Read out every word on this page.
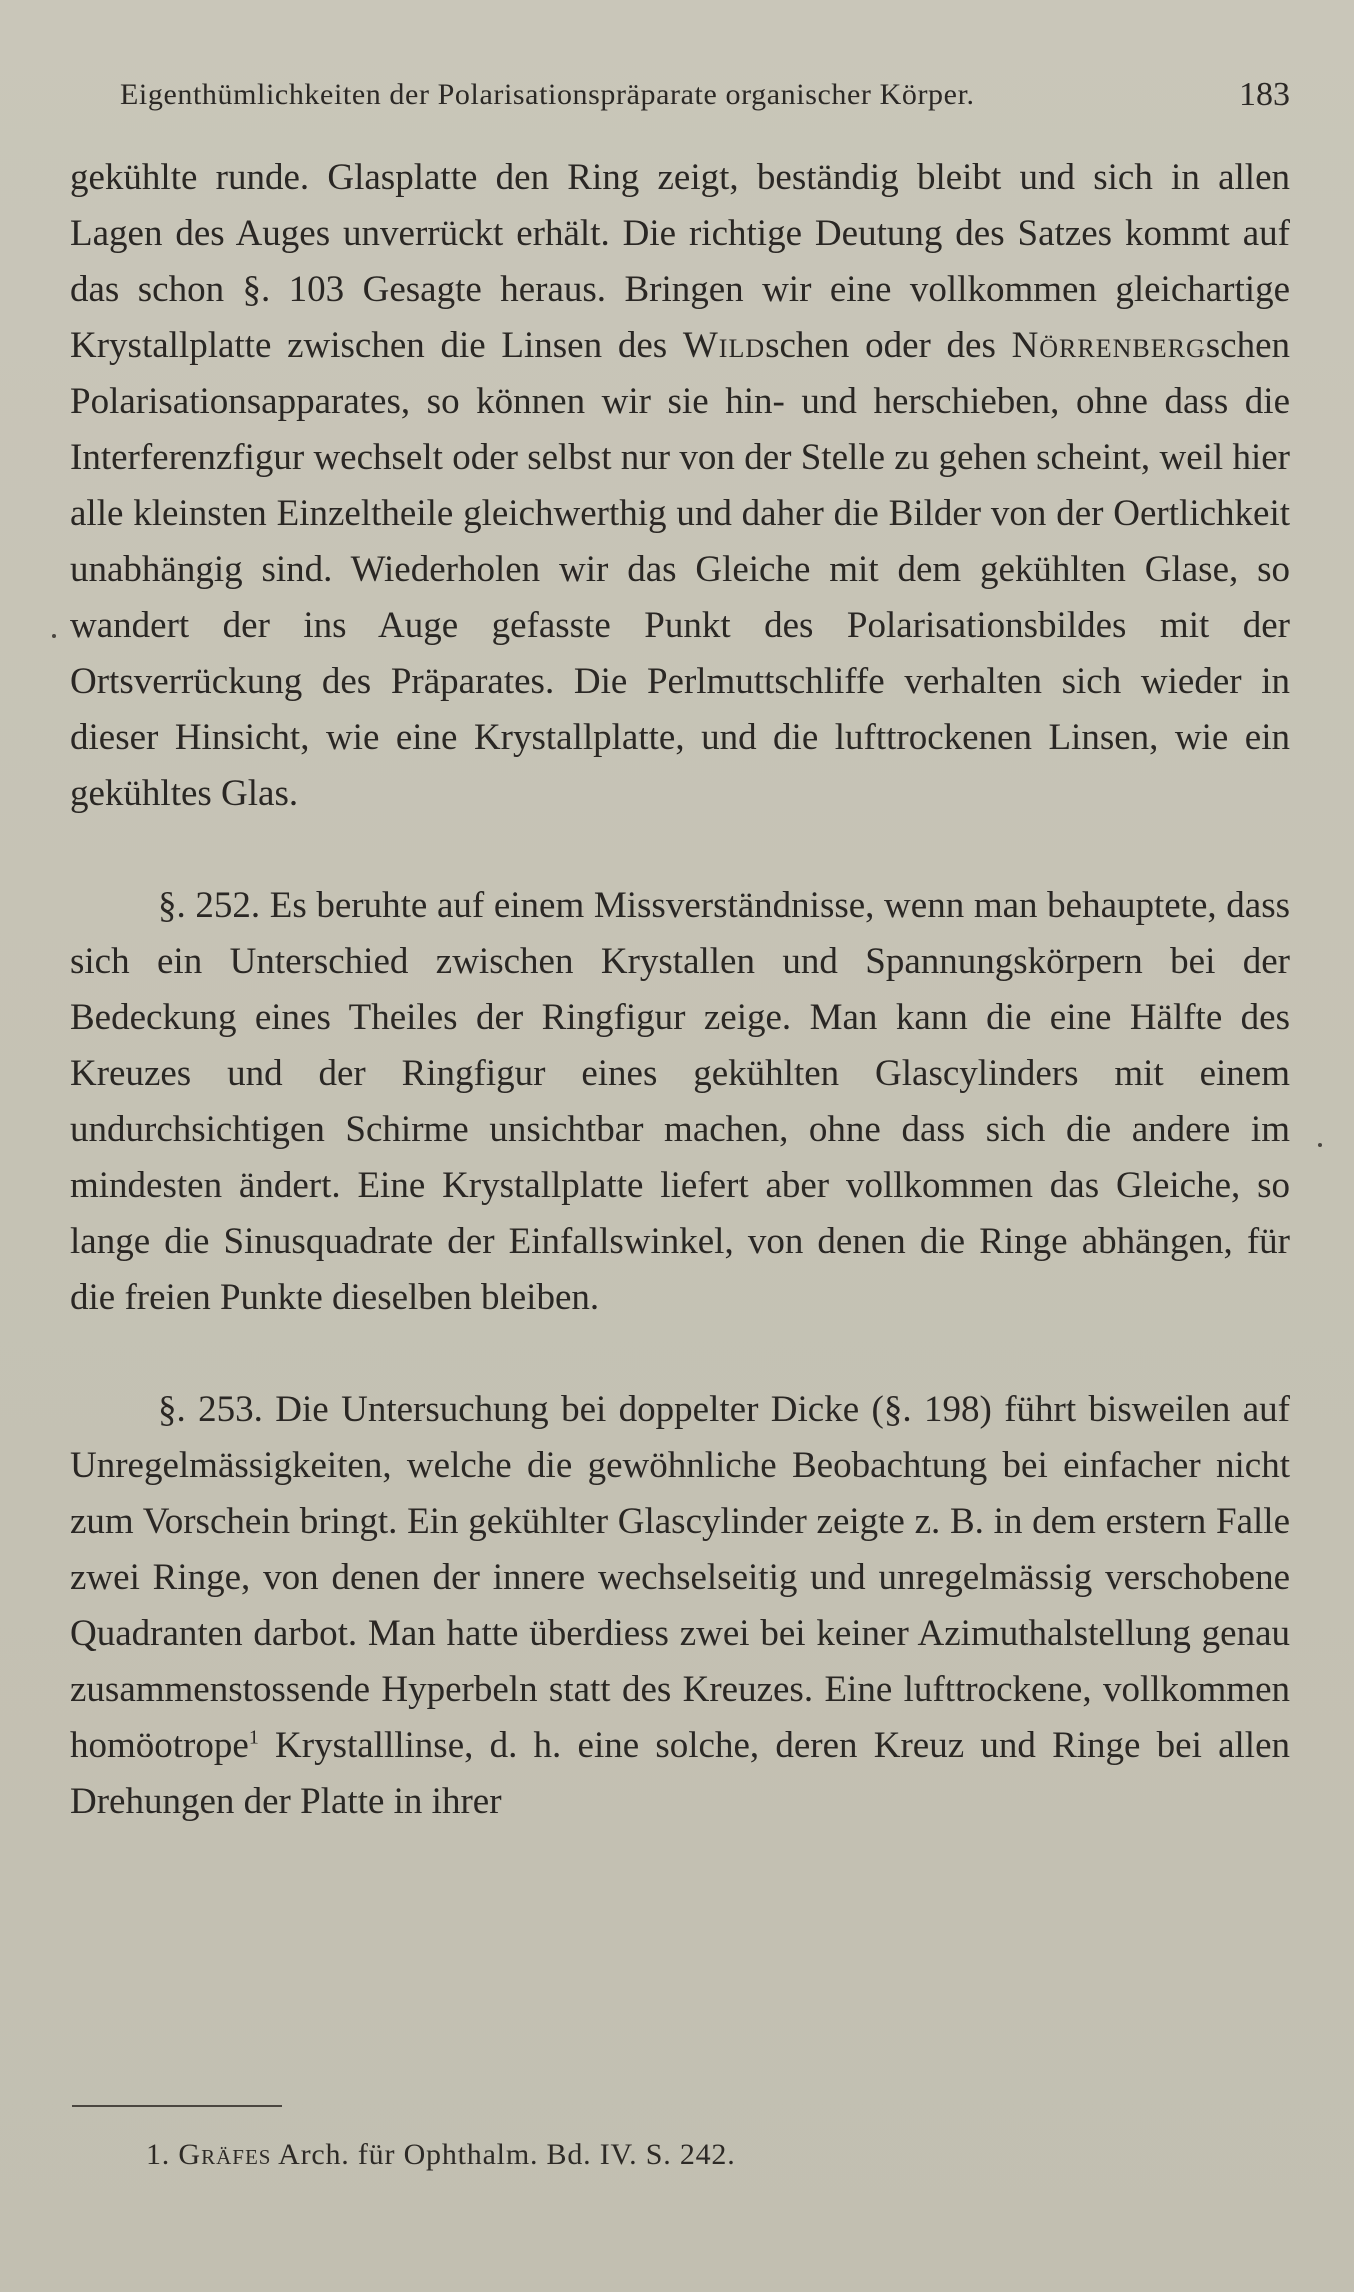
Eigenthümlichkeiten der Polarisationspräparate organischer Körper.	183

gekühlte runde. Glasplatte den Ring zeigt, beständig bleibt und sich in allen Lagen des Auges unverrückt erhält. Die richtige Deutung des Satzes kommt auf das schon §. 103 Gesagte heraus. Bringen wir eine vollkommen gleichartige Krystallplatte zwischen die Linsen des Wildschen oder des Nörrenbergschen Polarisationsapparates, so können wir sie hin- und herschieben, ohne dass die Interferenzfigur wechselt oder selbst nur von der Stelle zu gehen scheint, weil hier alle kleinsten Einzeltheile gleichwerthig und daher die Bilder von der Oertlichkeit unabhängig sind. Wiederholen wir das Gleiche mit dem gekühlten Glase, so wandert der ins Auge gefasste Punkt des Polarisationsbildes mit der Ortsverrückung des Präparates. Die Perlmuttschliffe verhalten sich wieder in dieser Hinsicht, wie eine Krystallplatte, und die lufttrockenen Linsen, wie ein gekühltes Glas.

§. 252. Es beruhte auf einem Missverständnisse, wenn man behauptete, dass sich ein Unterschied zwischen Krystallen und Spannungskörpern bei der Bedeckung eines Theiles der Ringfigur zeige. Man kann die eine Hälfte des Kreuzes und der Ringfigur eines gekühlten Glascylinders mit einem undurchsichtigen Schirme unsichtbar machen, ohne dass sich die andere im mindesten ändert. Eine Krystallplatte liefert aber vollkommen das Gleiche, so lange die Sinusquadrate der Einfallswinkel, von denen die Ringe abhängen, für die freien Punkte dieselben bleiben.

§. 253. Die Untersuchung bei doppelter Dicke (§. 198) führt bisweilen auf Unregelmässigkeiten, welche die gewöhnliche Beobachtung bei einfacher nicht zum Vorschein bringt. Ein gekühlter Glascylinder zeigte z. B. in dem erstern Falle zwei Ringe, von denen der innere wechselseitig und unregelmässig verschobene Quadranten darbot. Man hatte überdiess zwei bei keiner Azimuthalstellung genau zusammenstossende Hyperbeln statt des Kreuzes. Eine lufttrockene, vollkommen homöotrope$^1$ Krystalllinse, d. h. eine solche, deren Kreuz und Ringe bei allen Drehungen der Platte in ihrer

1. Gräfes Arch. für Ophthalm. Bd. IV. S. 242.
